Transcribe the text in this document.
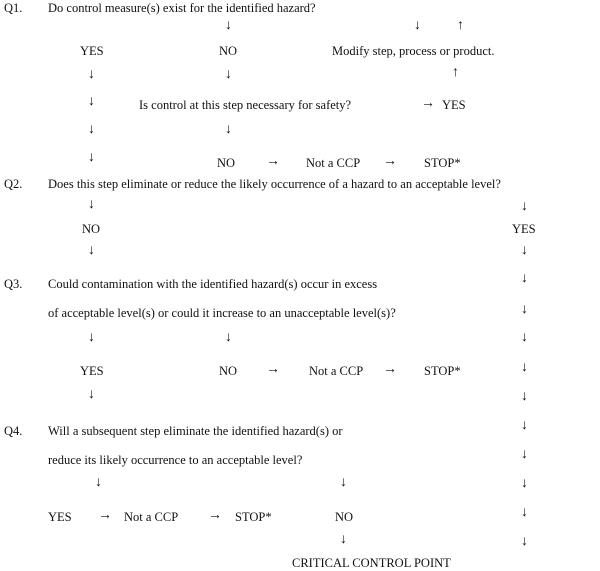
Q1. Do control measure(s) exist for the identified hazard?
↓	↓	↑
YES	NO	Modify step, process or product.
↓	↓	↑
↓	Is control at this step necessary for safety?	→ YES
↓	↓
↓	NO → Not a CCP → STOP*
Q2. Does this step eliminate or reduce the likely occurrence of a hazard to an acceptable level?
↓	↓
NO	YES
↓	↓
Q3. Could contamination with the identified hazard(s) occur in excess	↓
of acceptable level(s) or could it increase to an unacceptable level(s)?	↓
↓	↓	↓
YES	NO → Not a CCP → STOP*	↓
↓	↓
Q4. Will a subsequent step eliminate the identified hazard(s) or	↓
reduce its likely occurrence to an acceptable level?	↓
↓	↓	↓
YES → Not a CCP → STOP*	NO	↓
↓	↓
CRITICAL CONTROL POINT
